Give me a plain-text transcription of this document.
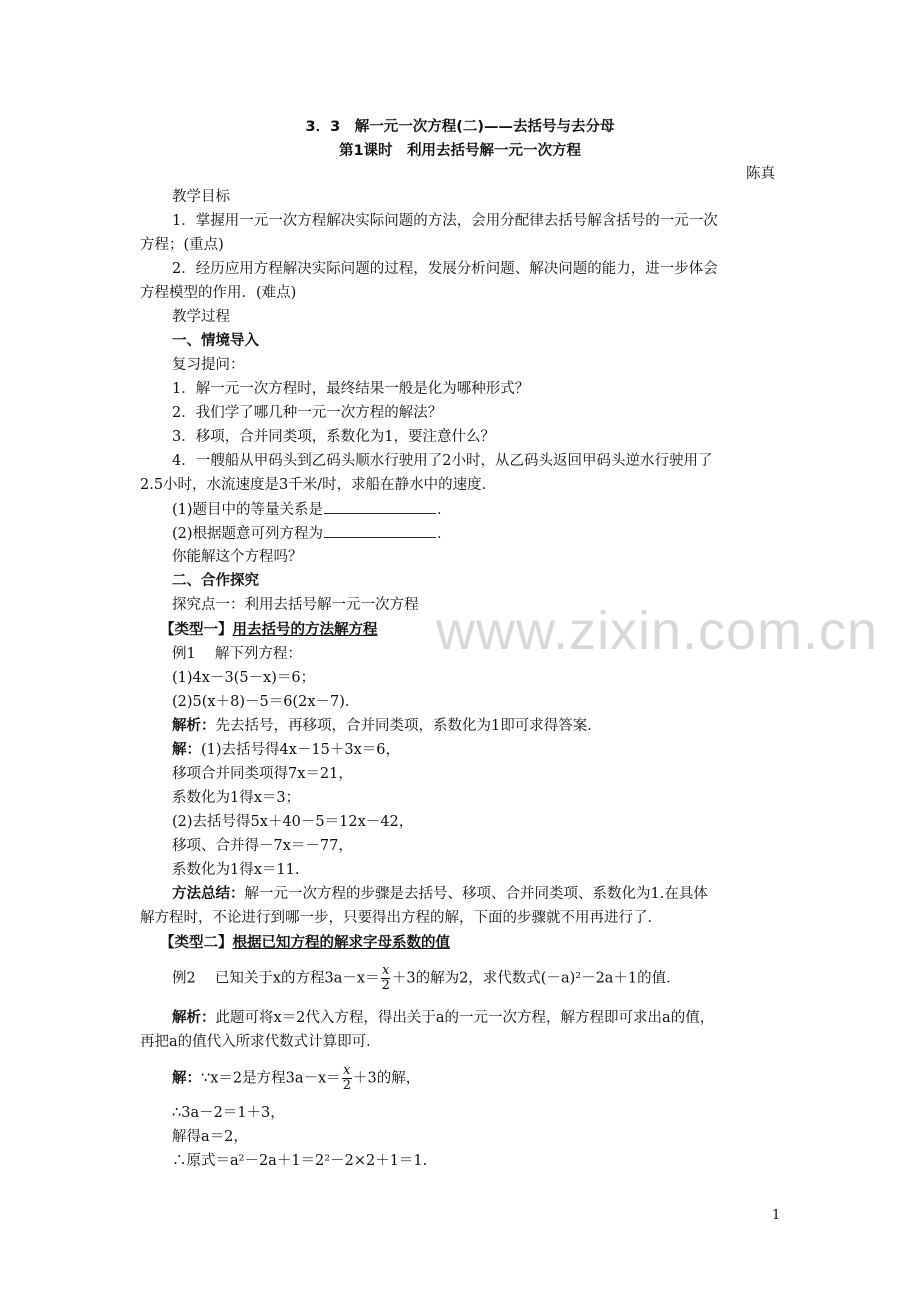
www.zixin.com.cn
3．3　解一元一次方程(二)——去括号与去分母
第1课时　利用去括号解一元一次方程
陈真
教学目标
1．掌握用一元一次方程解决实际问题的方法，会用分配律去括号解含括号的一元一次
方程；(重点)
2．经历应用方程解决实际问题的过程，发展分析问题、解决问题的能力，进一步体会
方程模型的作用．(难点)
教学过程
一、情境导入
复习提问：
1．解一元一次方程时，最终结果一般是化为哪种形式？
2．我们学了哪几种一元一次方程的解法？
3．移项，合并同类项，系数化为1，要注意什么？
4．一艘船从甲码头到乙码头顺水行驶用了2小时，从乙码头返回甲码头逆水行驶用了
2.5小时，水流速度是3千米/时，求船在静水中的速度．
(1)题目中的等量关系是	．
(2)根据题意可列方程为	．
你能解这个方程吗？
二、合作探究
探究点一：利用去括号解一元一次方程
【类型一】用去括号的方法解方程
例1　 解下列方程：
(1)4x－3(5－x)＝6；
(2)5(x＋8)－5＝6(2x－7)．
解析：先去括号，再移项，合并同类项，系数化为1即可求得答案．
解：(1)去括号得4x－15＋3x＝6，
移项合并同类项得7x＝21，
系数化为1得x＝3；
(2)去括号得5x＋40－5＝12x－42，
移项、合并得－7x＝－77，
系数化为1得x＝11.
方法总结：解一元一次方程的步骤是去括号、移项、合并同类项、系数化为1.在具体
解方程时，不论进行到哪一步，只要得出方程的解，下面的步骤就不用再进行了．
【类型二】根据已知方程的解求字母系数的值
例2　 已知关于x的方程$3a-x= \frac{x}{2} +3$的解为2，求代数式(－a)²－2a＋1的值．
解析：此题可将x＝2代入方程，得出关于a的一元一次方程，解方程即可求出a的值，
再把a的值代入所求代数式计算即可．
解：∵x＝2是方程$3a-x= \frac{x}{2} +3$的解，
∴3a－2＝1＋3，
解得a＝2，
∴原式＝a²－2a＋1＝2²－2×2＋1＝1.
1
